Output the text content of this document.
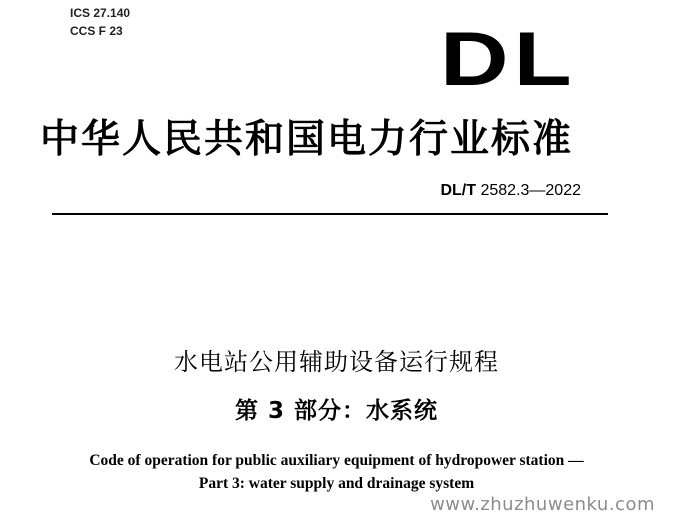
ICS 27.140
CCS F 23	DL
中华人民共和国电力行业标准
DL/T 2582.3—2022
水电站公用辅助设备运行规程
第 3 部分：水系统
Code of operation for public auxiliary equipment of hydropower station —
Part 3: water supply and drainage system
www.zhuzhuwenku.com
